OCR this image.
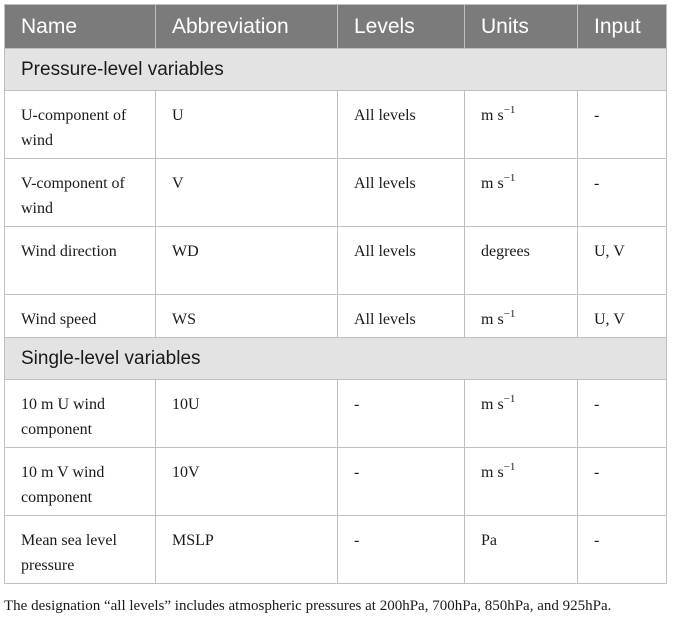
Name	Abbreviation	Levels	Units	Input
Pressure-level variables				
U-component of wind	U	All levels	m $s^{-1}$	-
V-component of wind	V	All levels	m $s^{-1}$	-
Wind direction	WD	All levels	degrees	U, V
Wind speed	WS	All levels	m $s^{-1}$	U, V
Single-level variables				
10 m U wind component	10U	-	m $s^{-1}$	-
10 m V wind component	10V	-	m $s^{-1}$	-
Mean sea level pressure	MSLP	-	Pa	-
The designation “all levels” includes atmospheric pressures at 200hPa, 700hPa, 850hPa, and 925hPa.
